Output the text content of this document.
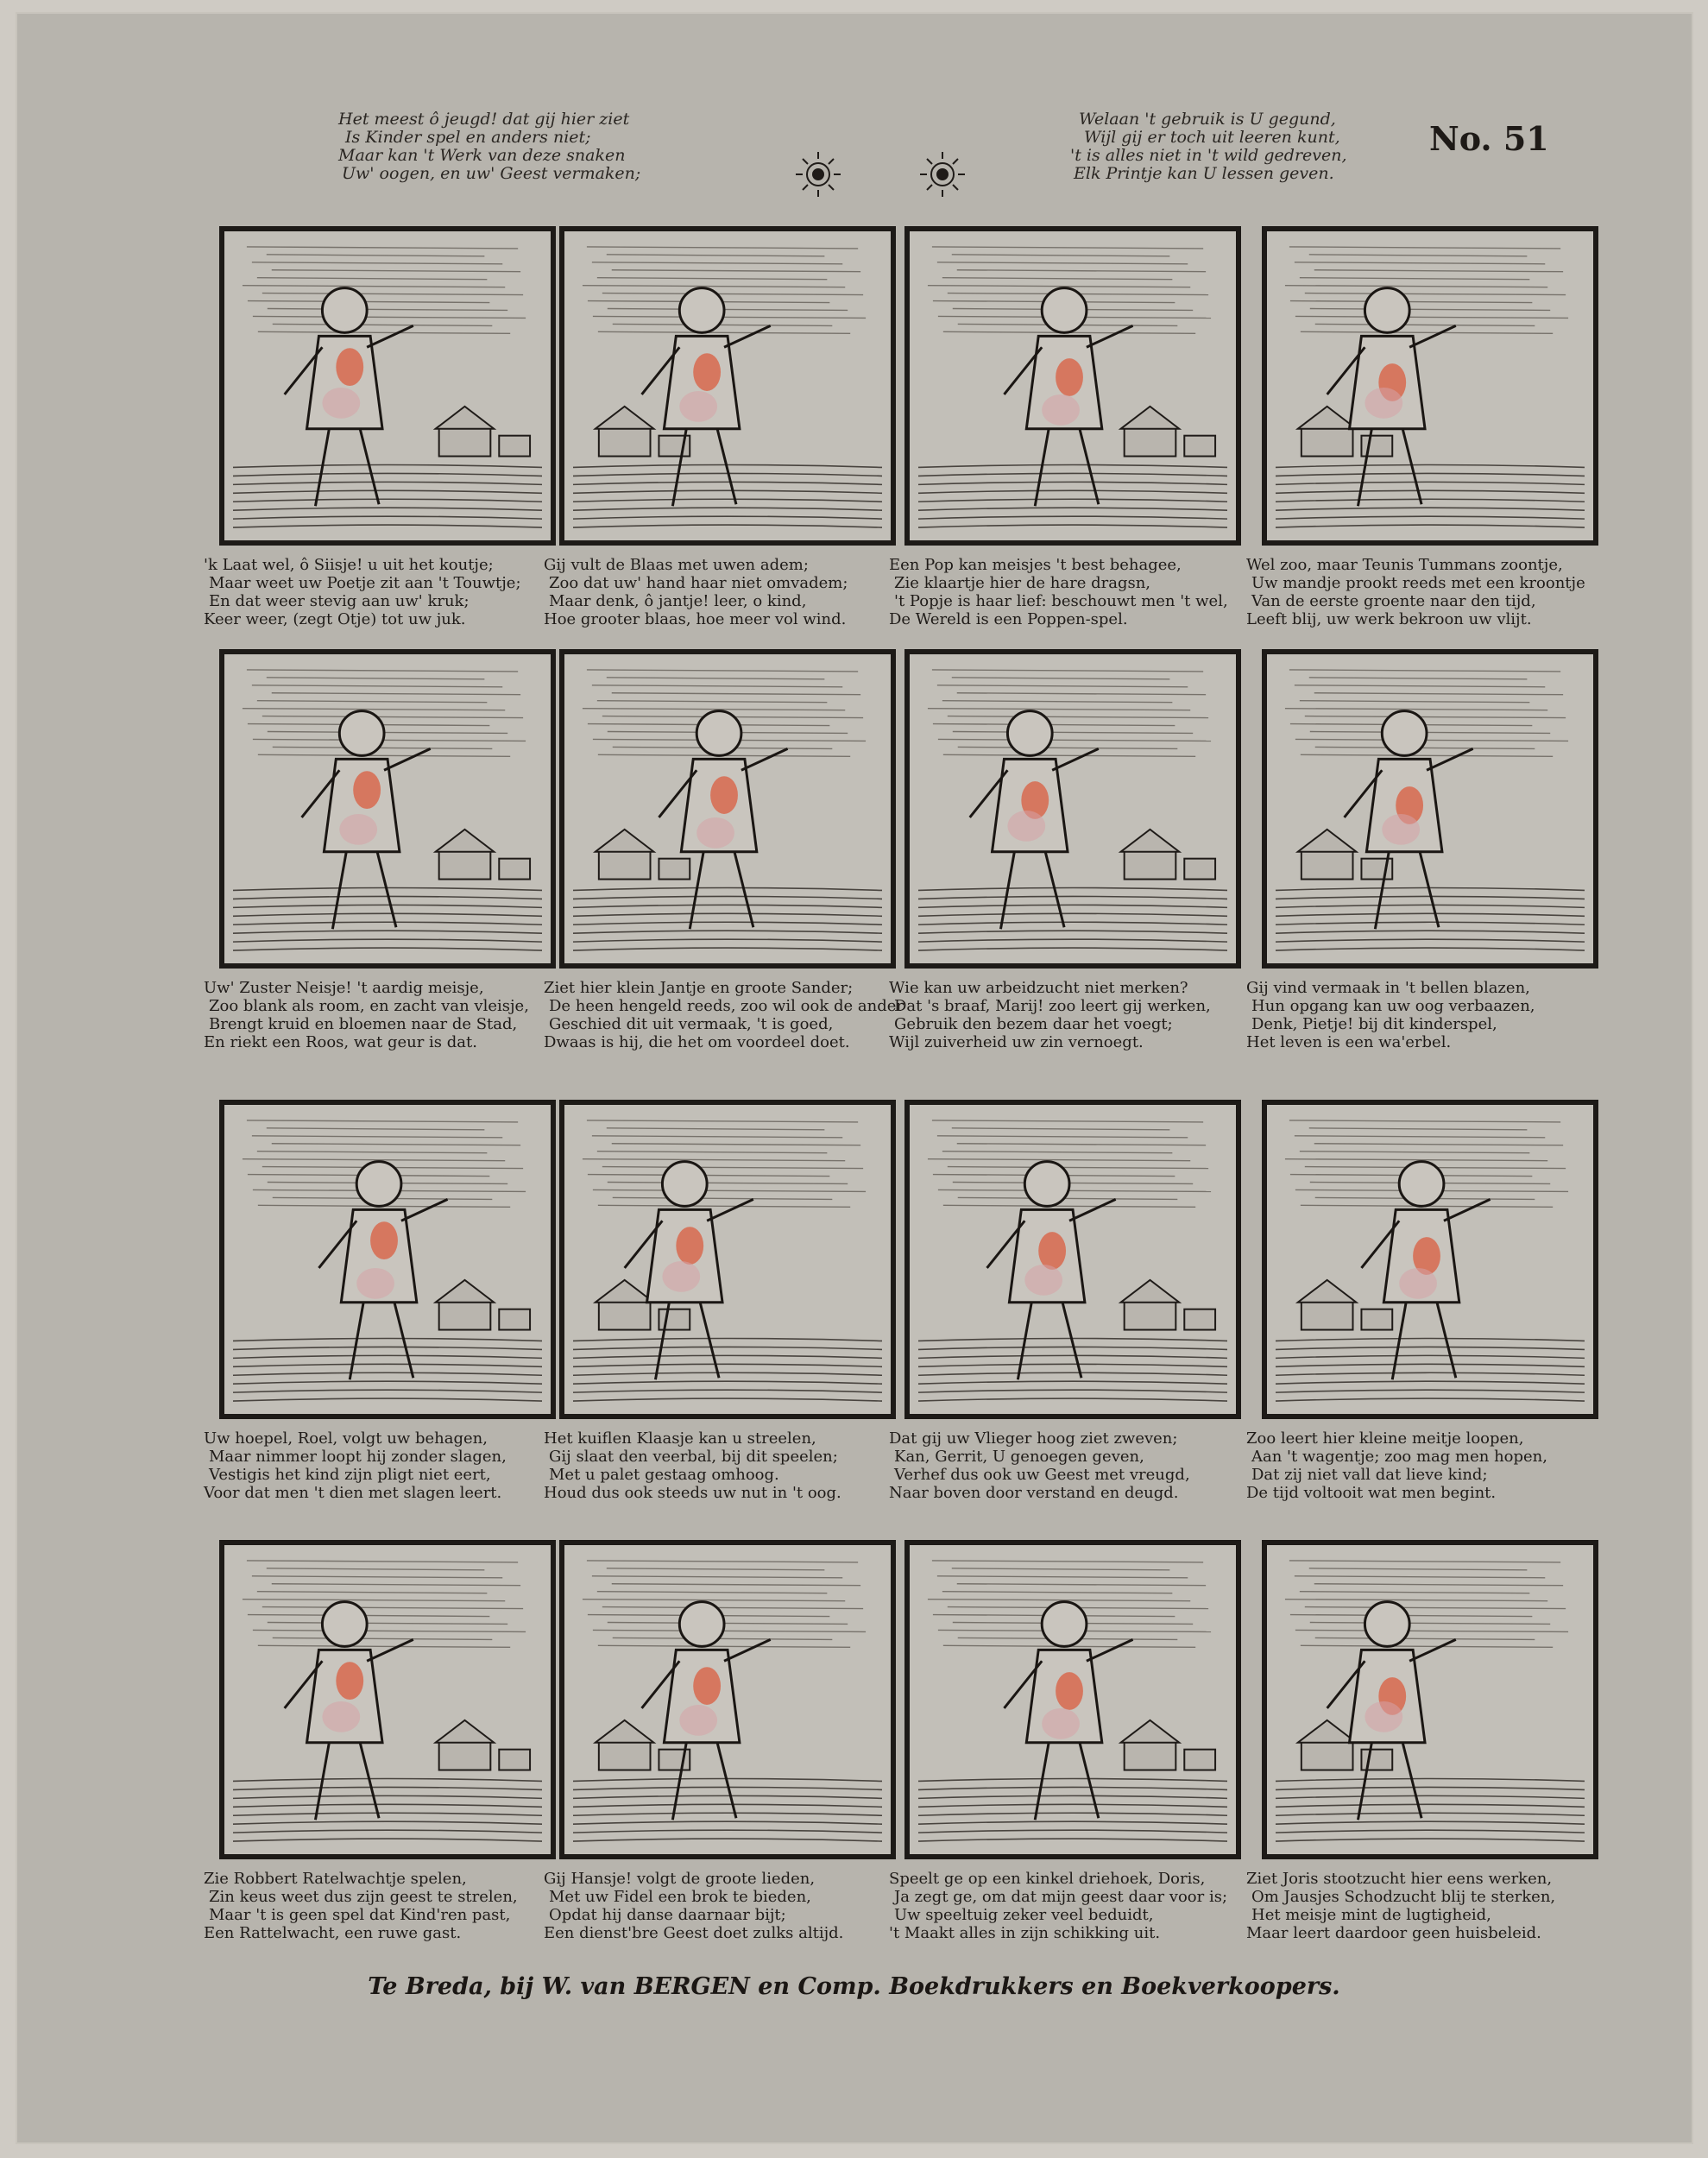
Het meest ô jeugd! dat gij hier ziet
Is Kinder spel en anders niet;
Maar kan 't Werk van deze snaken
Uw' oogen, en uw' Geest vermaken;
Welaan 't gebruik is U gegund,
Wijl gij er toch uit leeren kunt,
't is alles niet in 't wild gedreven,
Elk Printje kan U lessen geven.
No. 51
'k Laat wel, ô Siisje! u uit het koutje;
Maar weet uw Poetje zit aan 't Touwtje;
En dat weer stevig aan uw' kruk;
Keer weer, (zegt Otje) tot uw juk.
Gij vult de Blaas met uwen adem;
Zoo dat uw' hand haar niet omvadem;
Maar denk, ô jantje! leer, o kind,
Hoe grooter blaas, hoe meer vol wind.
Een Pop kan meisjes 't best behagee,
Zie klaartje hier de hare dragsn,
't Popje is haar lief: beschouwt men 't wel,
De Wereld is een Poppen-spel.
Wel zoo, maar Teunis Tummans zoontje,
Uw mandje prookt reeds met een kroontje
Van de eerste groente naar den tijd,
Leeft blij, uw werk bekroon uw vlijt.
Uw' Zuster Neisje! 't aardig meisje,
Zoo blank als room, en zacht van vleisje,
Brengt kruid en bloemen naar de Stad,
En riekt een Roos, wat geur is dat.
Ziet hier klein Jantje en groote Sander;
De heen hengeld reeds, zoo wil ook de ander
Geschied dit uit vermaak, 't is goed,
Dwaas is hij, die het om voordeel doet.
Wie kan uw arbeidzucht niet merken?
Dat 's braaf, Marij! zoo leert gij werken,
Gebruik den bezem daar het voegt;
Wijl zuiverheid uw zin vernoegt.
Gij vind vermaak in 't bellen blazen,
Hun opgang kan uw oog verbaazen,
Denk, Pietje! bij dit kinderspel,
Het leven is een wa'erbel.
Uw hoepel, Roel, volgt uw behagen,
Maar nimmer loopt hij zonder slagen,
Vestigis het kind zijn pligt niet eert,
Voor dat men 't dien met slagen leert.
Het kuiflen Klaasje kan u streelen,
Gij slaat den veerbal, bij dit speelen;
Met u palet gestaag omhoog.
Houd dus ook steeds uw nut in 't oog.
Dat gij uw Vlieger hoog ziet zweven;
Kan, Gerrit, U genoegen geven,
Verhef dus ook uw Geest met vreugd,
Naar boven door verstand en deugd.
Zoo leert hier kleine meitje loopen,
Aan 't wagentje; zoo mag men hopen,
Dat zij niet vall dat lieve kind;
De tijd voltooit wat men begint.
Zie Robbert Ratelwachtje spelen,
Zin keus weet dus zijn geest te strelen,
Maar 't is geen spel dat Kind'ren past,
Een Rattelwacht, een ruwe gast.
Gij Hansje! volgt de groote lieden,
Met uw Fidel een brok te bieden,
Opdat hij danse daarnaar bijt;
Een dienst'bre Geest doet zulks altijd.
Speelt ge op een kinkel driehoek, Doris,
Ja zegt ge, om dat mijn geest daar voor is;
Uw speeltuig zeker veel beduidt,
't Maakt alles in zijn schikking uit.
Ziet Joris stootzucht hier eens werken,
Om Jausjes Schodzucht blij te sterken,
Het meisje mint de lugtigheid,
Maar leert daardoor geen huisbeleid.
Te Breda, bij W. van BERGEN en Comp. Boekdrukkers en Boekverkoopers.
